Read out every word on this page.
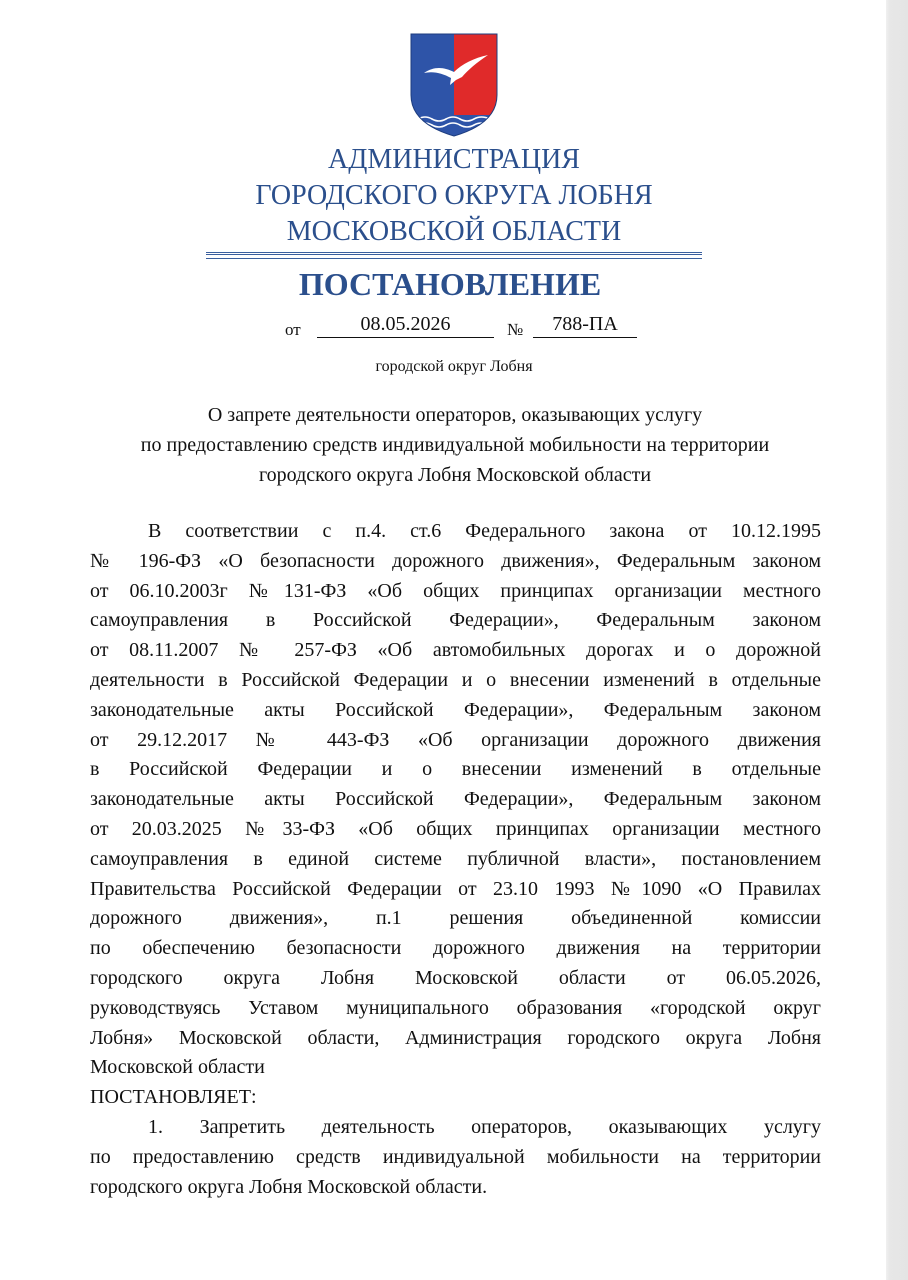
АДМИНИСТРАЦИЯ
ГОРОДСКОГО ОКРУГА ЛОБНЯ
МОСКОВСКОЙ ОБЛАСТИ
ПОСТАНОВЛЕНИЕ
от	08.05.2026	№	788-ПА
городской округ Лобня
О запрете деятельности операторов, оказывающих услугу
по предоставлению средств индивидуальной мобильности на территории
городского округа Лобня Московской области
В соответствии с п.4. ст.6 Федерального закона от 10.12.1995
№ 196-ФЗ «О безопасности дорожного движения», Федеральным законом
от 06.10.2003г №131-ФЗ «Об общих принципах организации местного
самоуправления в Российской Федерации», Федеральным законом
от 08.11.2007 № 257-ФЗ «Об автомобильных дорогах и о дорожной
деятельности в Российской Федерации и о внесении изменений в отдельные
законодательные акты Российской Федерации», Федеральным законом
от 29.12.2017 № 443-ФЗ «Об организации дорожного движения
в Российской Федерации и о внесении изменений в отдельные
законодательные акты Российской Федерации», Федеральным законом
от 20.03.2025 №33-ФЗ «Об общих принципах организации местного
самоуправления в единой системе публичной власти», постановлением
Правительства Российской Федерации от 23.10 1993 №1090 «О Правилах
дорожного движения», п.1 решения объединенной комиссии
по обеспечению безопасности дорожного движения на территории
городского округа Лобня Московской области от 06.05.2026,
руководствуясь Уставом муниципального образования «городской округ
Лобня» Московской области, Администрация городского округа Лобня
Московской области
ПОСТАНОВЛЯЕТ:
1. Запретить деятельность операторов, оказывающих услугу
по предоставлению средств индивидуальной мобильности на территории
городского округа Лобня Московской области.
